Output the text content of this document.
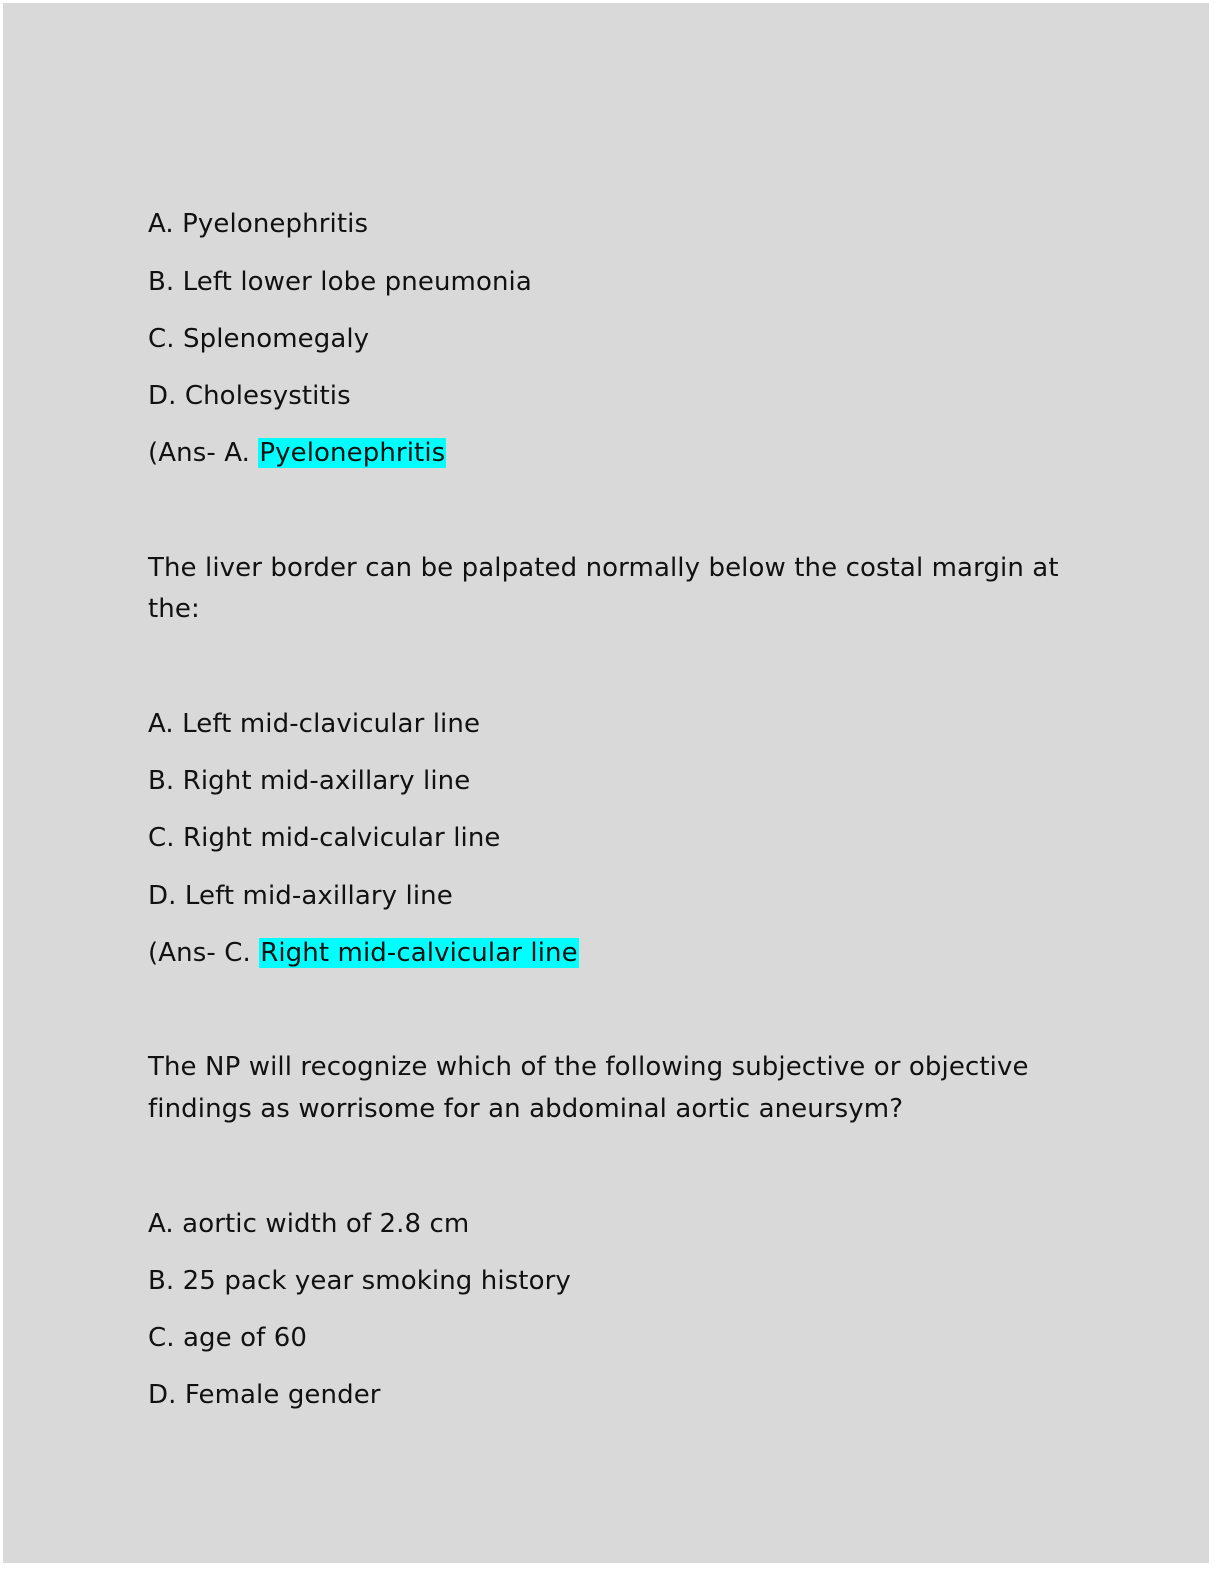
A. Pyelonephritis
B. Left lower lobe pneumonia
C. Splenomegaly
D. Cholesystitis
(Ans- A. Pyelonephritis
The liver border can be palpated normally below the costal margin at
the:
A. Left mid-clavicular line
B. Right mid-axillary line
C. Right mid-calvicular line
D. Left mid-axillary line
(Ans- C. Right mid-calvicular line
The NP will recognize which of the following subjective or objective
findings as worrisome for an abdominal aortic aneursym?
A. aortic width of 2.8 cm
B. 25 pack year smoking history
C. age of 60
D. Female gender
